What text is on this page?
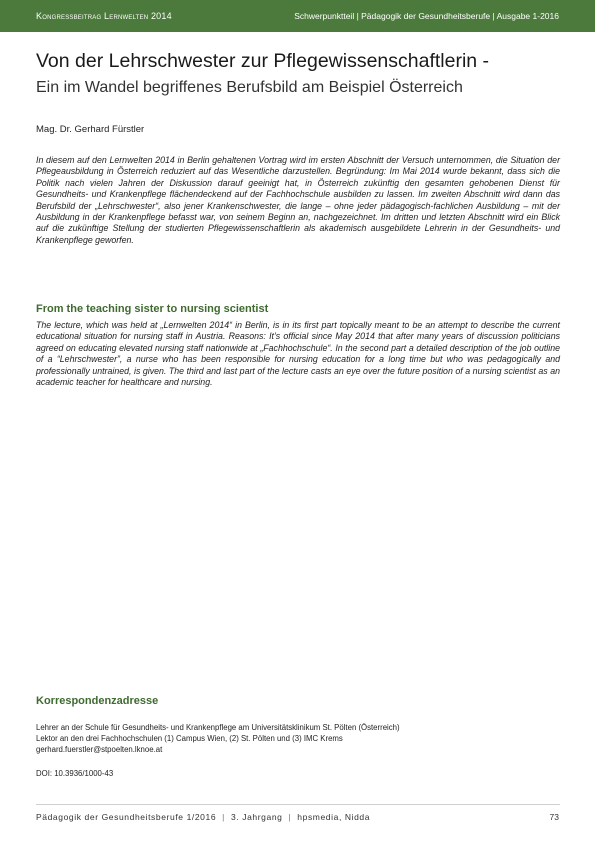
Kongressbeitrag Lernwelten 2014	Schwerpunktteil | Pädagogik der Gesundheitsberufe | Ausgabe 1-2016
Von der Lehrschwester zur Pflegewissenschaftlerin -
Ein im Wandel begriffenes Berufsbild am Beispiel Österreich
Mag. Dr. Gerhard Fürstler
In diesem auf den Lernwelten 2014 in Berlin gehaltenen Vortrag wird im ersten Abschnitt der Versuch unternommen, die Situation der Pflegeausbildung in Österreich reduziert auf das Wesentliche darzustellen. Begründung: Im Mai 2014 wurde bekannt, dass sich die Politik nach vielen Jahren der Diskussion darauf geeinigt hat, in Österreich zukünftig den gesamten gehobenen Dienst für Gesundheits- und Krankenpflege flächendeckend auf der Fachhochschule ausbilden zu lassen. Im zweiten Abschnitt wird dann das Berufsbild der „Lehrschwester“, also jener Krankenschwester, die lange – ohne jeder pädagogisch-fachlichen Ausbildung – mit der Ausbildung in der Krankenpflege befasst war, von seinem Beginn an, nachgezeichnet. Im dritten und letzten Abschnitt wird ein Blick auf die zukünftige Stellung der studierten Pflegewissenschaftlerin als akademisch ausgebildete Lehrerin in der Gesundheits- und Krankenpflege geworfen.
From the teaching sister to nursing scientist
The lecture, which was held at „Lernwelten 2014“ in Berlin, is in its first part topically meant to be an attempt to describe the current educational situation for nursing staff in Austria. Reasons: It’s official since May 2014 that after many years of discussion politicians agreed on educating elevated nursing staff nationwide at „Fachhochschule“. In the second part a detailed description of the job outline of a “Lehrschwester”, a nurse who has been responsible for nursing education for a long time but who was pedagogically and professionally untrained, is given. The third and last part of the lecture casts an eye over the future position of a nursing scientist as an academic teacher for healthcare and nursing.
Korrespondenzadresse
Lehrer an der Schule für Gesundheits- und Krankenpflege am Universitätsklinikum St. Pölten (Österreich)
Lektor an den drei Fachhochschulen (1) Campus Wien, (2) St. Pölten und (3) IMC Krems
gerhard.fuerstler@stpoelten.lknoe.at
DOI: 10.3936/1000-43
Pädagogik der Gesundheitsberufe 1/2016 | 3. Jahrgang | hpsmedia, Nidda	73
